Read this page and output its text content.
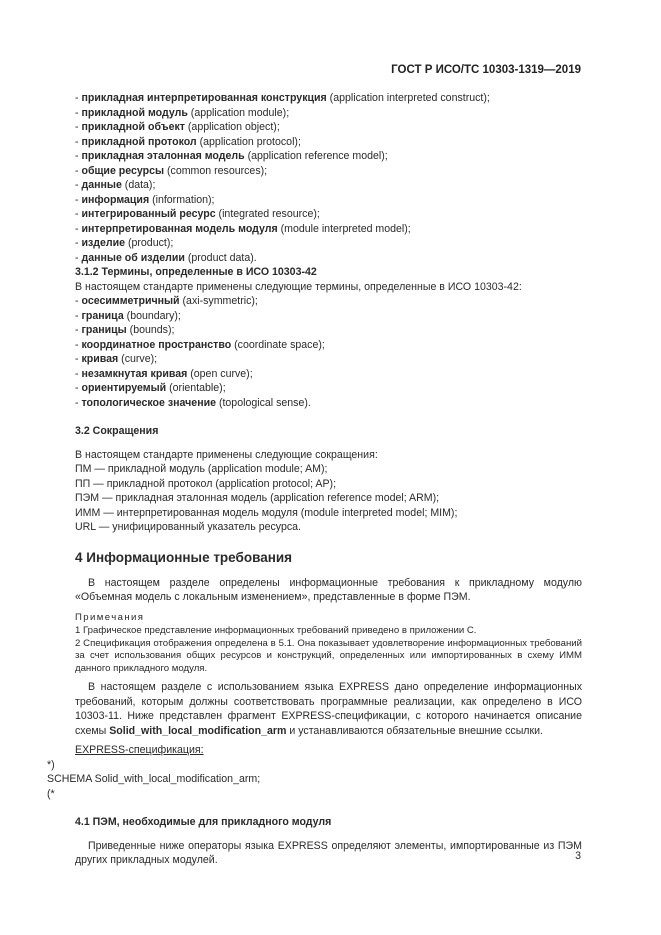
ГОСТ Р ИСО/ТС 10303-1319—2019
- прикладная интерпретированная конструкция (application interpreted construct);
- прикладной модуль (application module);
- прикладной объект (application object);
- прикладной протокол (application protocol);
- прикладная эталонная модель (application reference model);
- общие ресурсы (common resources);
- данные (data);
- информация (information);
- интегрированный ресурс (integrated resource);
- интерпретированная модель модуля (module interpreted model);
- изделие (product);
- данные об изделии (product data).
3.1.2 Термины, определенные в ИСО 10303-42
В настоящем стандарте применены следующие термины, определенные в ИСО 10303-42:
- осесимметричный (axi-symmetric);
- граница (boundary);
- границы (bounds);
- координатное пространство (coordinate space);
- кривая (curve);
- незамкнутая кривая (open curve);
- ориентируемый (orientable);
- топологическое значение (topological sense).
3.2 Сокращения
В настоящем стандарте применены следующие сокращения:
ПМ — прикладной модуль (application module; AM);
ПП — прикладной протокол (application protocol; AP);
ПЭМ — прикладная эталонная модель (application reference model; ARM);
ИММ — интерпретированная модель модуля (module interpreted model; MIM);
URL — унифицированный указатель ресурса.
4 Информационные требования
В настоящем разделе определены информационные требования к прикладному модулю «Объемная модель с локальным изменением», представленные в форме ПЭМ.
Примечания
1 Графическое представление информационных требований приведено в приложении С.
2 Спецификация отображения определена в 5.1. Она показывает удовлетворение информационных требований за счет использования общих ресурсов и конструкций, определенных или импортированных в схему ИММ данного прикладного модуля.
В настоящем разделе с использованием языка EXPRESS дано определение информационных требований, которым должны соответствовать программные реализации, как определено в ИСО 10303-11. Ниже представлен фрагмент EXPRESS-спецификации, с которого начинается описание схемы Solid_with_local_modification_arm и устанавливаются обязательные внешние ссылки.
EXPRESS-спецификация:
*)
SCHEMA Solid_with_local_modification_arm;
(*
4.1 ПЭМ, необходимые для прикладного модуля
Приведенные ниже операторы языка EXPRESS определяют элементы, импортированные из ПЭМ других прикладных модулей.	3
